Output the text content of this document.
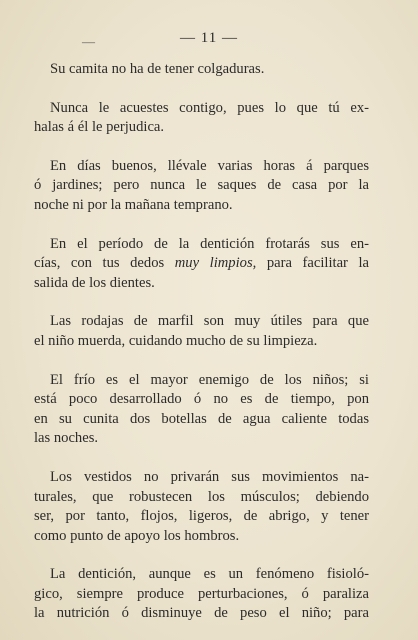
—	— 11 —

Su camita no ha de tener colgaduras.

Nunca le acuestes contigo, pues lo que tú ex-
halas á él le perjudica.

En días buenos, llévale varias horas á parques
ó jardines; pero nunca le saques de casa por la
noche ni por la mañana temprano.

En el período de la dentición frotarás sus en-
cías, con tus dedos muy limpios, para facilitar la
salida de los dientes.

Las rodajas de marfil son muy útiles para que
el niño muerda, cuidando mucho de su limpieza.

El frío es el mayor enemigo de los niños; si
está poco desarrollado ó no es de tiempo, pon
en su cunita dos botellas de agua caliente todas
las noches.

Los vestidos no privarán sus movimientos na-
turales, que robustecen los músculos; debiendo
ser, por tanto, flojos, ligeros, de abrigo, y tener
como punto de apoyo los hombros.

La dentición, aunque es un fenómeno fisioló-
gico, siempre produce perturbaciones, ó paraliza
la nutrición ó disminuye de peso el niño; para
